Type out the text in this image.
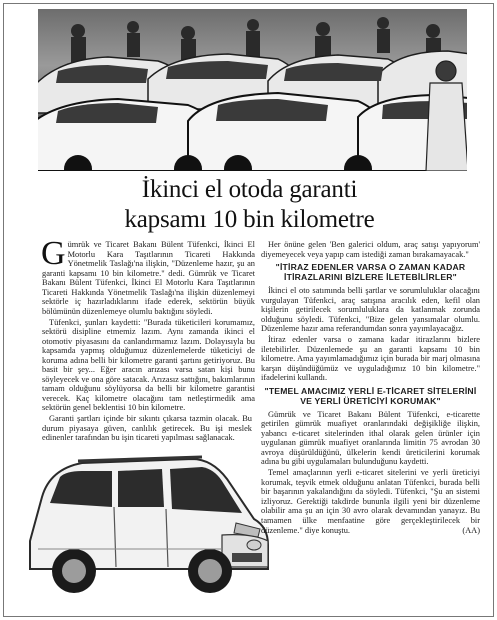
İkinci el otoda garanti
kapsamı 10 bin kilometre

Gümrük ve Ticaret Bakanı Bülent Tüfenkci, İkinci El Motorlu Kara Taşıtlarının Ticareti Hakkında Yönetmelik Taslağı'na ilişkin, "Düzenleme hazır, şu an garanti kapsamı 10 bin kilometre." dedi. Gümrük ve Ticaret Bakanı Bülent Tüfenkci, İkinci El Motorlu Kara Taşıtlarının Ticareti Hakkında Yönetmelik Taslağı'na ilişkin düzenlemeyi sektörle iç hazırladıklarını ifade ederek, sektörün büyük bölümünün düzenlemeye olumlu baktığını söyledi.

Tüfenkci, şunları kaydetti: "Burada tüketicileri korumamız, sektörü disipline etmemiz lazım. Aynı zamanda ikinci el otomotiv piyasasını da canlandırmamız lazım. Dolayısıyla bu kapsamda yapmış olduğumuz düzenlemelerde tüketiciyi de koruma adına belli bir kilometre garanti şartını getiriyoruz. Bu basit bir şey... Eğer aracın arızası varsa satan kişi bunu söyleyecek ve ona göre satacak. Arızasız sattığını, bakımlarının tamam olduğunu söylüyorsa da belli bir kilometre garantisi verecek. Kaç kilometre olacağını tam netleştirmedik ama sektörün genel beklentisi 10 bin kilometre.

Garanti şartları içinde bir sıkıntı çıkarsa tazmin olacak. Bu durum piyasaya güven, canlılık getirecek. Bu işi meslek edinenler tarafından bu işin ticareti yapılması sağlanacak.

Her önüne gelen 'Ben galerici oldum, araç satışı yapıyorum' diyemeyecek veya yapıp cam istediği zaman bırakamayacak."

"İTİRAZ EDENLER VARSA O ZAMAN KADAR İTİRAZLARINI BİZLERE İLETEBİLİRLER"

İkinci el oto satımında belli şartlar ve sorumluluklar olacağını vurgulayan Tüfenkci, araç satışına aracılık eden, kefil olan kişilerin getirilecek sorumluluklara da katlanmak zorunda olduğunu söyledi. Tüfenkci, "Bize gelen yansımalar olumlu. Düzenleme hazır ama referandumdan sonra yayımlayacağız.

İtiraz edenler varsa o zamana kadar itirazlarını bizlere iletebilirler. Düzenlemede şu an garanti kapsamı 10 bin kilometre. Ama yayımlamadığımız için burada bir marj olmasına karşın düşündüğümüz ve uyguladığımız 10 bin kilometre." ifadelerini kullandı.

"TEMEL AMACIMIZ YERLİ E-TİCARET SİTELERİNİ VE YERLİ ÜRETİCİYİ KORUMAK"

Gümrük ve Ticaret Bakanı Bülent Tüfenkci, e-ticarette getirilen gümrük muafiyet oranlarındaki değişikliğe ilişkin, yabancı e-ticaret sitelerinden ithal olarak gelen ürünler için uygulanan gümrük muafiyet oranlarında limitin 75 avrodan 30 avroya düşürüldüğünü, ülkelerin kendi üreticilerini korumak adına bu gibi uygulamaları bulunduğunu kaydetti.

Temel amaçlarının yerli e-ticaret sitelerini ve yerli üreticiyi korumak, teşvik etmek olduğunu anlatan Tüfenkci, burada belli bir başarının yakalandığını da söyledi. Tüfenkci, "Şu an sistemi izliyoruz. Gerektiği takdirde bununla ilgili yeni bir düzenleme olabilir ama şu an için 30 avro olarak devamından yanayız. Bu tamamen ülke menfaatine göre gerçekleştirilecek bir düzenleme." diye konuştu.	(AA)
